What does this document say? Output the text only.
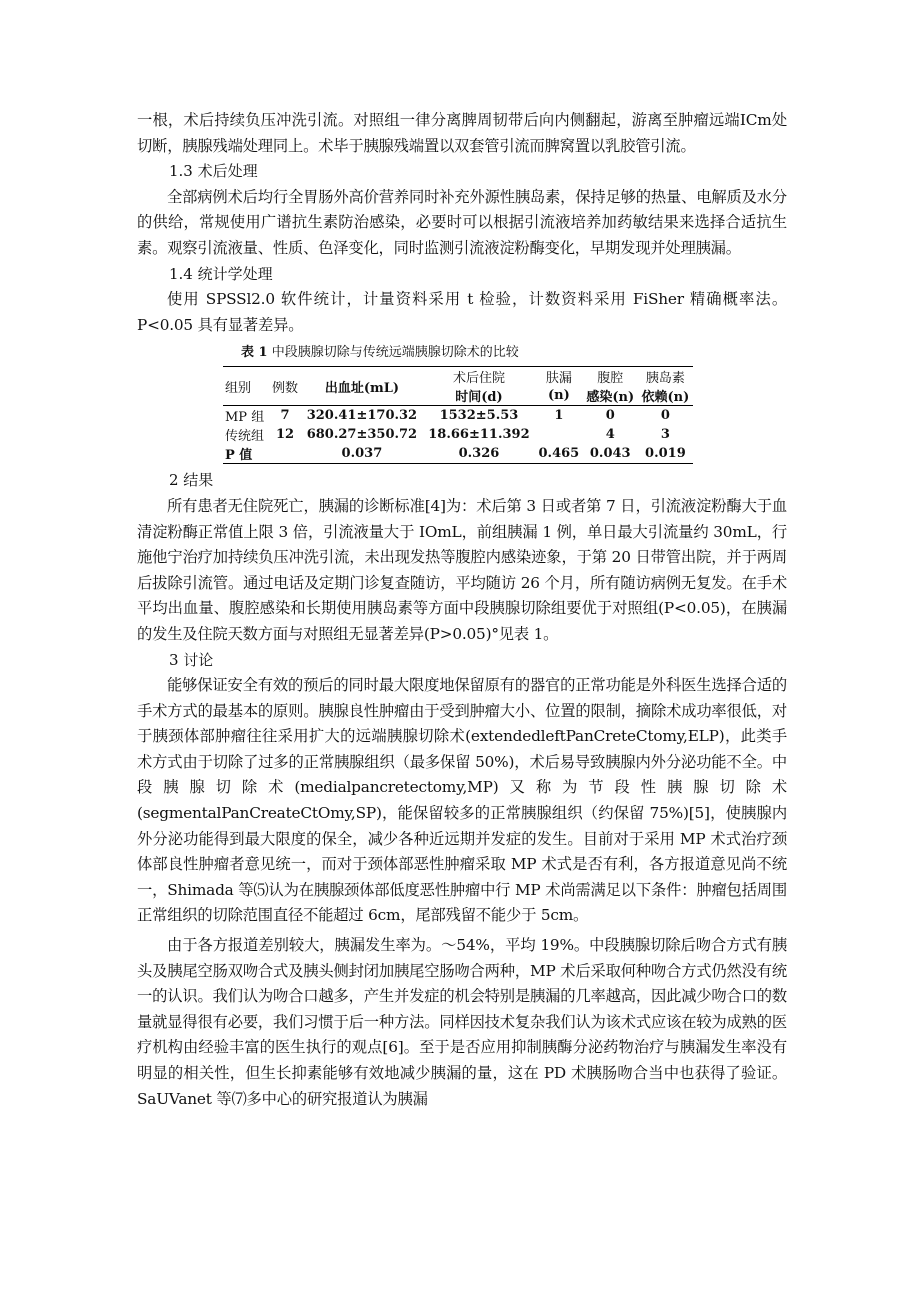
一根，术后持续负压冲洗引流。对照组一律分离脾周韧带后向内侧翻起，游离至肿瘤远端ICm处切断，胰腺残端处理同上。术毕于胰腺残端置以双套管引流而脾窝置以乳胶管引流。

1.3 术后处理

全部病例术后均行全胃肠外高价营养同时补充外源性胰岛素，保持足够的热量、电解质及水分的供给，常规使用广谱抗生素防治感染，必要时可以根据引流液培养加药敏结果来选择合适抗生素。观察引流液量、性质、色泽变化，同时监测引流液淀粉酶变化，早期发现并处理胰漏。

1.4 统计学处理

使用 SPSSl2.0 软件统计，计量资料采用 t 检验，计数资料采用 FiSher 精确概率法。P<0.05 具有显著差异。

表 1 中段胰腺切除与传统远端胰腺切除术的比较
组别	例数	出血址(mL)	术后住院	肤漏	腹腔	胰岛素
			时间(d)	(n)	感染(n)	依赖(n)
MP 组	7	320.41±170.32	1532±5.53	1	0	0
传统组	12	680.27±350.72	18.66±11.392		4	3
P 值		0.037	0.326	0.465	0.043	0.019

2 结果

所有患者无住院死亡，胰漏的诊断标准[4]为：术后第 3 日或者第 7 日，引流液淀粉酶大于血清淀粉酶正常值上限 3 倍，引流液量大于 IOmL，前组胰漏 1 例，单日最大引流量约 30mL，行施他宁治疗加持续负压冲洗引流，未出现发热等腹腔内感染迹象，于第 20 日带管出院，并于两周后拔除引流管。通过电话及定期门诊复查随访，平均随访 26 个月，所有随访病例无复发。在手术平均出血量、腹腔感染和长期使用胰岛素等方面中段胰腺切除组要优于对照组(P<0.05)，在胰漏的发生及住院天数方面与对照组无显著差异(P>0.05)°见表 1。

3 讨论

能够保证安全有效的预后的同时最大限度地保留原有的器官的正常功能是外科医生选择合适的手术方式的最基本的原则。胰腺良性肿瘤由于受到肿瘤大小、位置的限制，摘除术成功率很低，对于胰颈体部肿瘤往往采用扩大的远端胰腺切除术(extendedleftPanCreteCtomy,ELP)，此类手术方式由于切除了过多的正常胰腺组织（最多保留 50%)，术后易导致胰腺内外分泌功能不全。中段胰腺切除术(medialpancretectomy,MP)又称为节段性胰腺切除术(segmentalPanCreateCtOmy,SP)，能保留较多的正常胰腺组织（约保留 75%)[5]，使胰腺内外分泌功能得到最大限度的保全，减少各种近远期并发症的发生。目前对于采用 MP 术式治疗颈体部良性肿瘤者意见统一，而对于颈体部恶性肿瘤采取 MP 术式是否有利，各方报道意见尚不统一，Shimada 等⑸认为在胰腺颈体部低度恶性肿瘤中行 MP 术尚需满足以下条件：肿瘤包括周围正常组织的切除范围直径不能超过 6cm，尾部残留不能少于 5cm。

由于各方报道差别较大，胰漏发生率为。～54%，平均 19%。中段胰腺切除后吻合方式有胰头及胰尾空肠双吻合式及胰头侧封闭加胰尾空肠吻合两种，MP 术后采取何种吻合方式仍然没有统一的认识。我们认为吻合口越多，产生并发症的机会特别是胰漏的几率越高，因此减少吻合口的数量就显得很有必要，我们习惯于后一种方法。同样因技术复杂我们认为该术式应该在较为成熟的医疗机构由经验丰富的医生执行的观点[6]。至于是否应用抑制胰酶分泌药物治疗与胰漏发生率没有明显的相关性，但生长抑素能够有效地减少胰漏的量，这在 PD 术胰肠吻合当中也获得了验证。SaUVanet 等⑺多中心的研究报道认为胰漏
